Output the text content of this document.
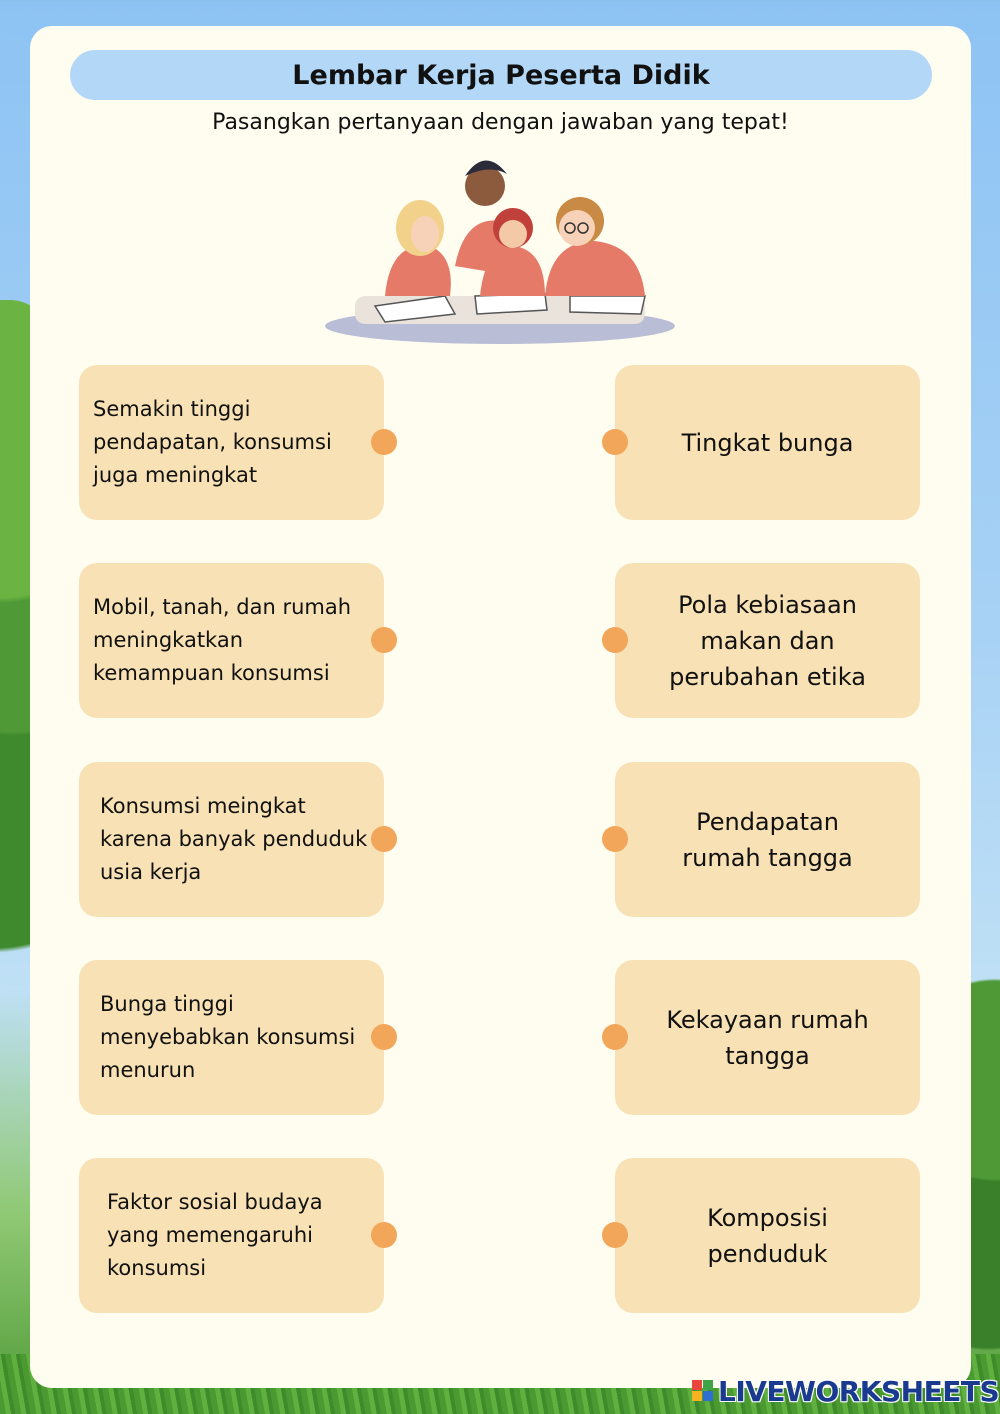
Lembar Kerja Peserta Didik
Pasangkan pertanyaan dengan jawaban yang tepat!
Semakin tinggi pendapatan, konsumsi juga meningkat
Mobil, tanah, dan rumah meningkatkan kemampuan konsumsi
Konsumsi meingkat karena banyak penduduk usia kerja
Bunga tinggi menyebabkan konsumsi menurun
Faktor sosial budaya yang memengaruhi konsumsi
Tingkat bunga
Pola kebiasaan makan dan perubahan etika
Pendapatan rumah tangga
Kekayaan rumah tangga
Komposisi penduduk
LIVEWORKSHEETS
